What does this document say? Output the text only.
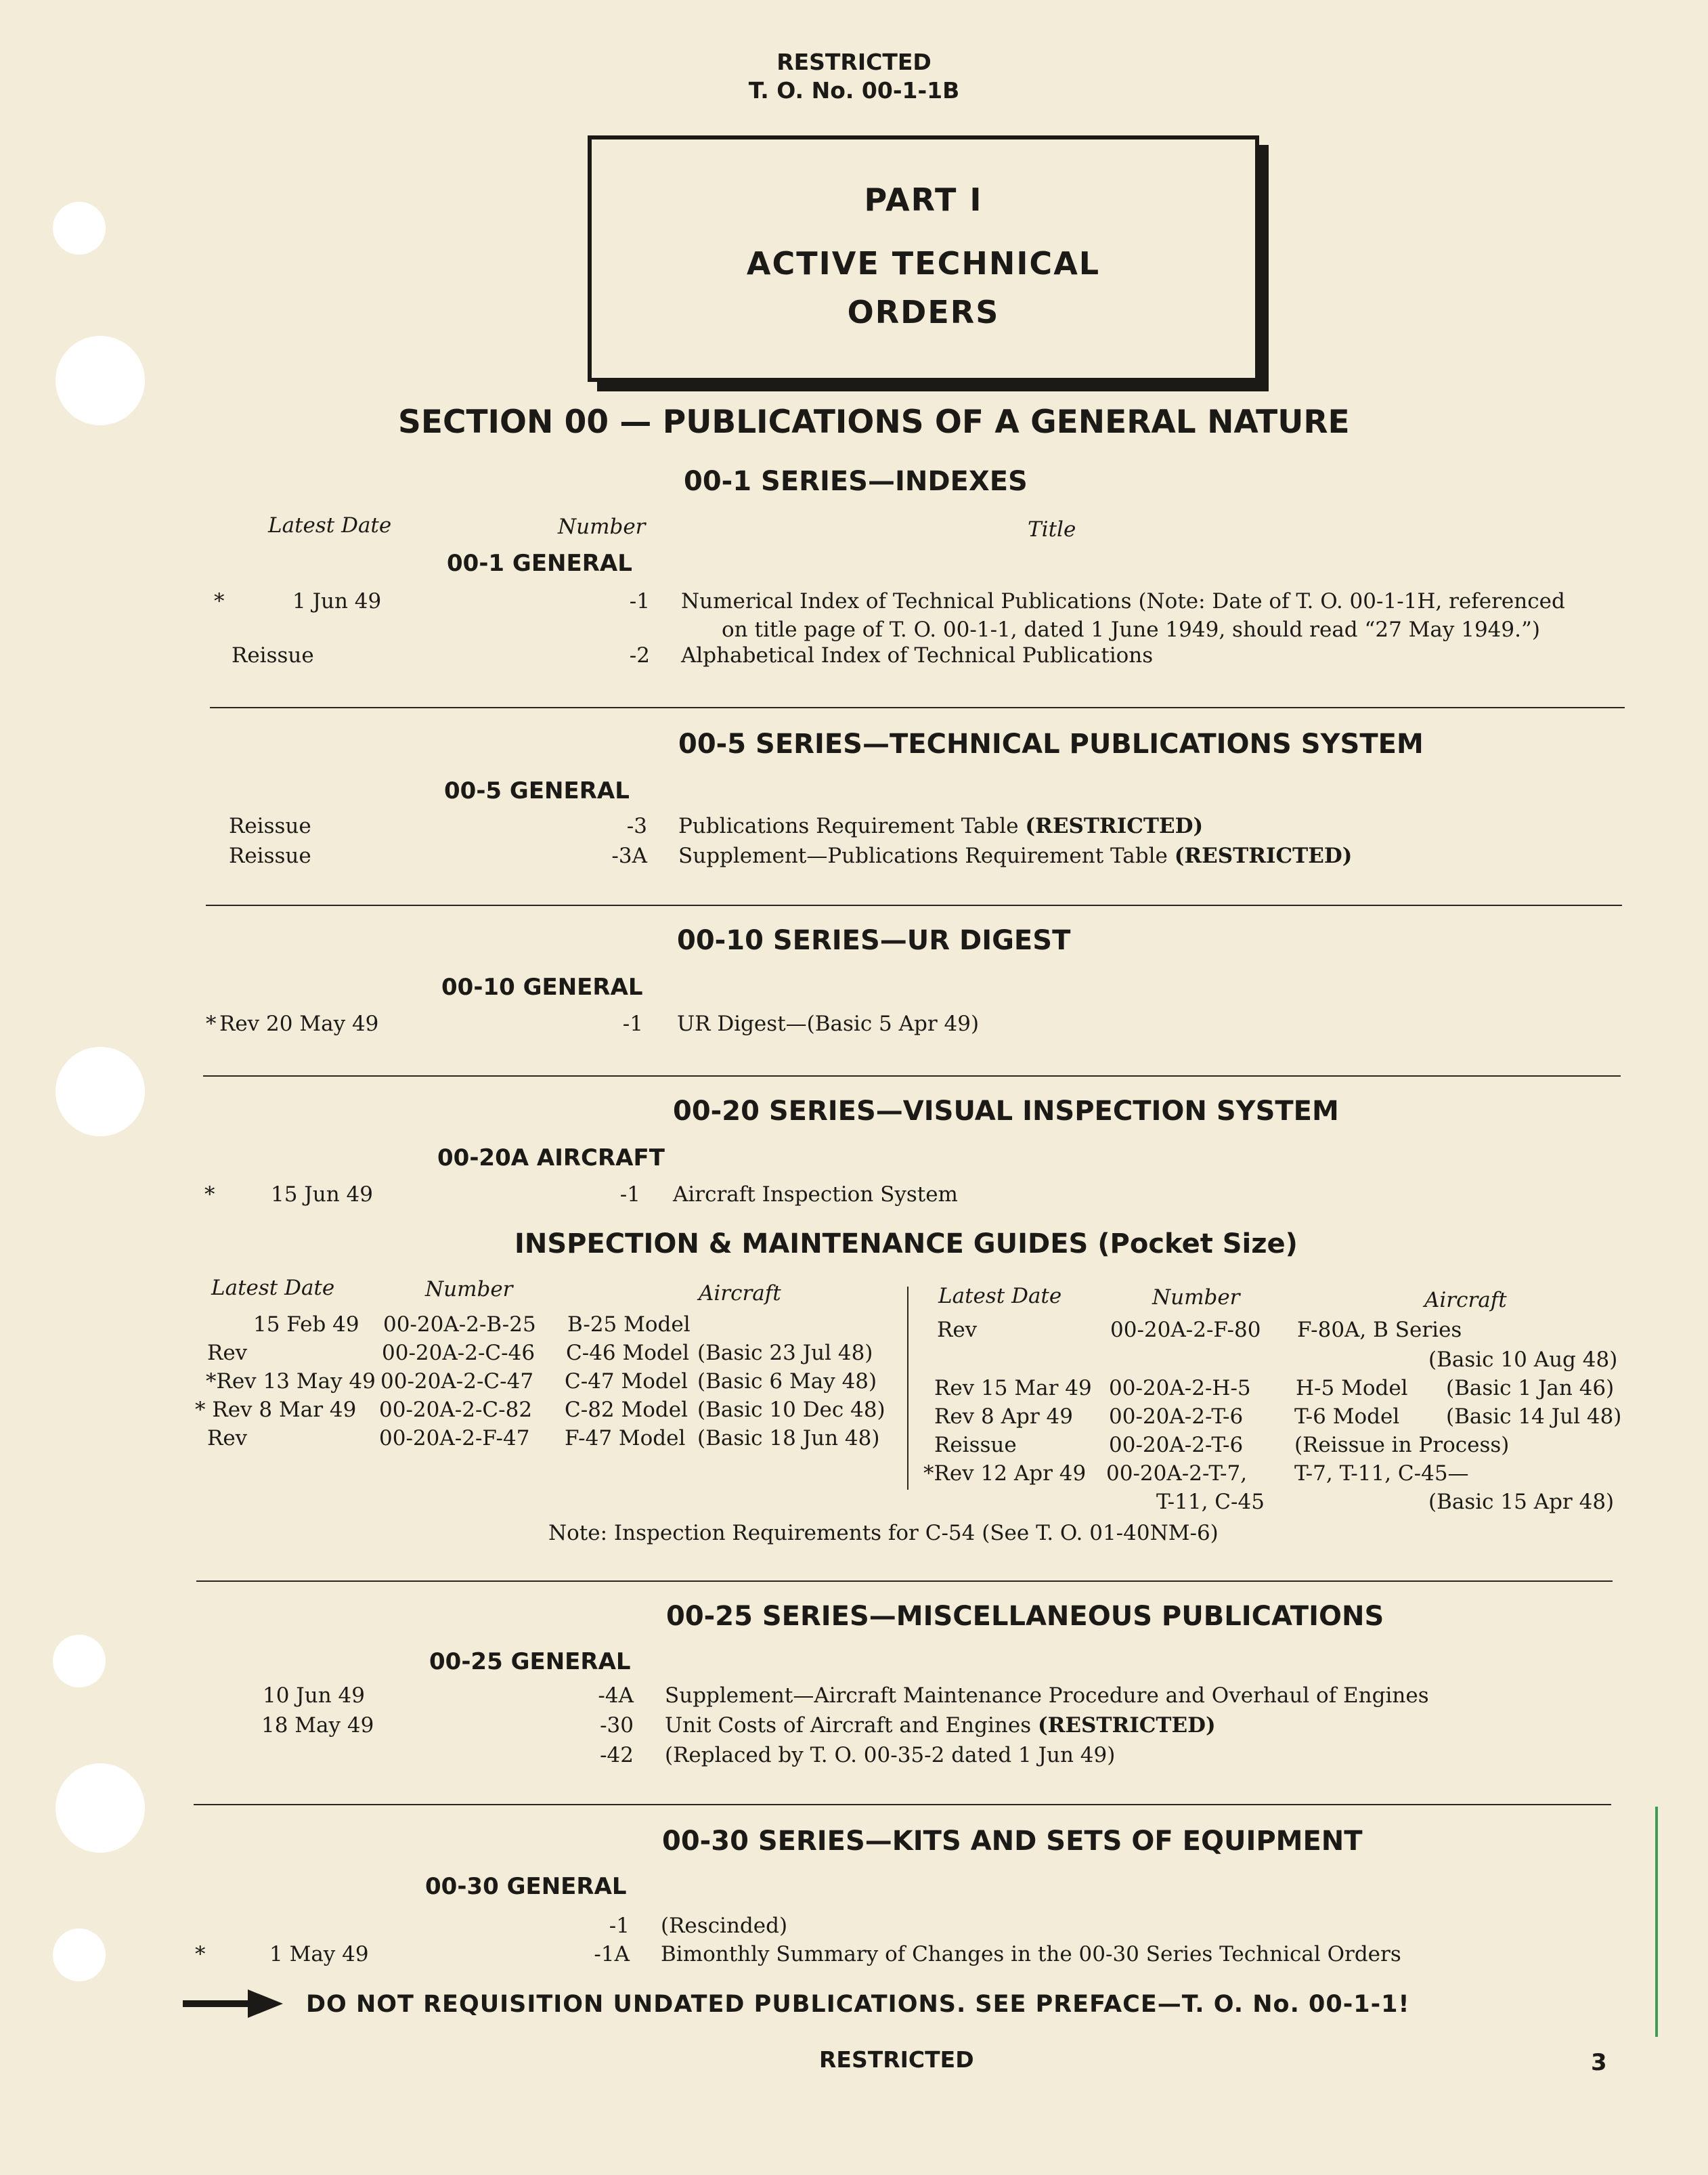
RESTRICTED
T. O. No. 00-1-1B
PART I
ACTIVE TECHNICAL
ORDERS
SECTION 00 — PUBLICATIONS OF A GENERAL NATURE
00-1 SERIES—INDEXES
Latest Date	Number	Title
00-1 GENERAL
*	1 Jun 49	-1 Numerical Index of Technical Publications (Note: Date of T. O. 00-1-1H, referenced
on title page of T. O. 00-1-1, dated 1 June 1949, should read “27 May 1949.”)
Reissue	-2 Alphabetical Index of Technical Publications
00-5 SERIES—TECHNICAL PUBLICATIONS SYSTEM
00-5 GENERAL
Reissue	-3 Publications Requirement Table (RESTRICTED)
Reissue	-3A Supplement—Publications Requirement Table (RESTRICTED)
00-10 SERIES—UR DIGEST
00-10 GENERAL
* Rev 20 May 49	-1 UR Digest—(Basic 5 Apr 49)
00-20 SERIES—VISUAL INSPECTION SYSTEM
00-20A AIRCRAFT
*	15 Jun 49	-1 Aircraft Inspection System
INSPECTION & MAINTENANCE GUIDES (Pocket Size)
Latest Date	Number	Aircraft	Latest Date	Number	Aircraft
15 Feb 49 00-20A-2-B-25 B-25 Model
Rev	00-20A-2-C-46 C-46 Model (Basic 23 Jul 48)
*Rev 13 May 49 00-20A-2-C-47 C-47 Model (Basic 6 May 48)
* Rev 8 Mar 49 00-20A-2-C-82 C-82 Model (Basic 10 Dec 48)
Rev	00-20A-2-F-47 F-47 Model (Basic 18 Jun 48)
Rev	00-20A-2-F-80 F-80A, B Series
(Basic 10 Aug 48)
Rev 15 Mar 49 00-20A-2-H-5 H-5 Model (Basic 1 Jan 46)
Rev 8 Apr 49 00-20A-2-T-6 T-6 Model (Basic 14 Jul 48)
Reissue	00-20A-2-T-6 (Reissue in Process)
*Rev 12 Apr 49 00-20A-2-T-7, T-7, T-11, C-45—
T-11, C-45	(Basic 15 Apr 48)
Note: Inspection Requirements for C-54 (See T. O. 01-40NM-6)
00-25 SERIES—MISCELLANEOUS PUBLICATIONS
00-25 GENERAL
10 Jun 49	-4A Supplement—Aircraft Maintenance Procedure and Overhaul of Engines
18 May 49	-30 Unit Costs of Aircraft and Engines (RESTRICTED)
-42 (Replaced by T. O. 00-35-2 dated 1 Jun 49)
00-30 SERIES—KITS AND SETS OF EQUIPMENT
00-30 GENERAL
-1 (Rescinded)
*	1 May 49	-1A Bimonthly Summary of Changes in the 00-30 Series Technical Orders
DO NOT REQUISITION UNDATED PUBLICATIONS. SEE PREFACE—T. O. No. 00-1-1!
RESTRICTED	3
